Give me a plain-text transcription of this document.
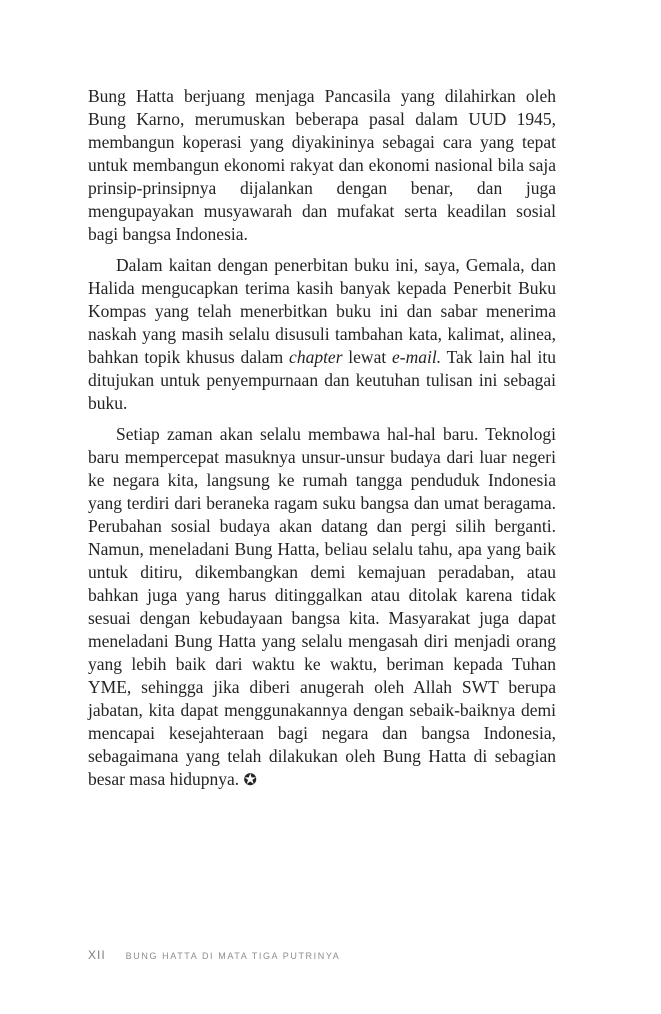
Bung Hatta berjuang menjaga Pancasila yang dilahirkan oleh Bung Karno, merumuskan beberapa pasal dalam UUD 1945, membangun koperasi yang diyakininya sebagai cara yang tepat untuk membangun ekonomi rakyat dan ekonomi nasional bila saja prinsip-prinsipnya dijalankan dengan benar, dan juga mengupayakan musyawarah dan mufakat serta keadilan sosial bagi bangsa Indonesia.

Dalam kaitan dengan penerbitan buku ini, saya, Gemala, dan Halida mengucapkan terima kasih banyak kepada Penerbit Buku Kompas yang telah menerbitkan buku ini dan sabar menerima naskah yang masih selalu disusuli tambahan kata, kalimat, alinea, bahkan topik khusus dalam chapter lewat e-mail. Tak lain hal itu ditujukan untuk penyempurnaan dan keutuhan tulisan ini sebagai buku.

Setiap zaman akan selalu membawa hal-hal baru. Teknologi baru mempercepat masuknya unsur-unsur budaya dari luar negeri ke negara kita, langsung ke rumah tangga penduduk Indonesia yang terdiri dari beraneka ragam suku bangsa dan umat beragama. Perubahan sosial budaya akan datang dan pergi silih berganti. Namun, meneladani Bung Hatta, beliau selalu tahu, apa yang baik untuk ditiru, dikembangkan demi kemajuan peradaban, atau bahkan juga yang harus ditinggalkan atau ditolak karena tidak sesuai dengan kebudayaan bangsa kita. Masyarakat juga dapat meneladani Bung Hatta yang selalu mengasah diri menjadi orang yang lebih baik dari waktu ke waktu, beriman kepada Tuhan YME, sehingga jika diberi anugerah oleh Allah SWT berupa jabatan, kita dapat menggunakannya dengan sebaik-baiknya demi mencapai kesejahteraan bagi negara dan bangsa Indonesia, sebagaimana yang telah dilakukan oleh Bung Hatta di sebagian besar masa hidupnya. ✪

XII BUNG HATTA DI MATA TIGA PUTRINYA
